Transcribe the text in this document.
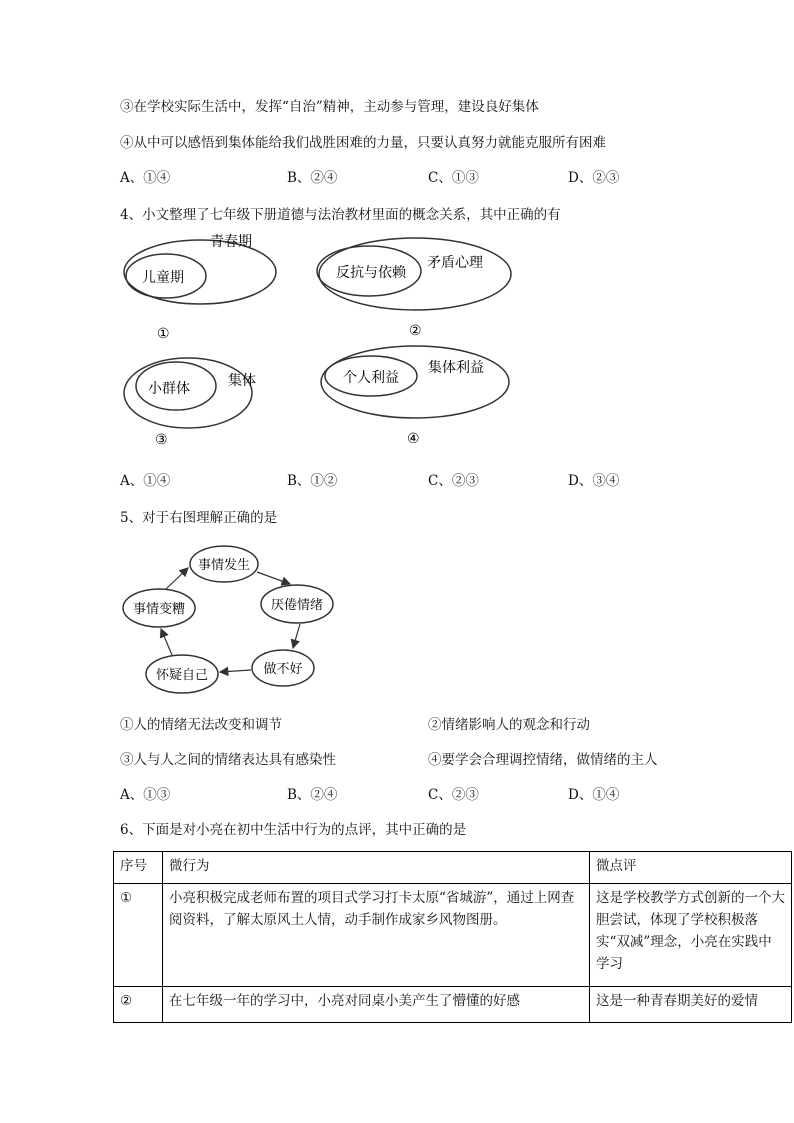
③在学校实际生活中，发挥“自治”精神，主动参与管理，建设良好集体
④从中可以感悟到集体能给我们战胜困难的力量，只要认真努力就能克服所有困难
A、①④	B、②④	C、①③	D、②③
4、小文整理了七年级下册道德与法治教材里面的概念关系，其中正确的有
儿童期
青春期
①
反抗与依赖
矛盾心理
②
小群体	集体
③
个人利益
集体利益
④
A、①④	B、①②	C、②③	D、③④
5、对于右图理解正确的是
事情发生
厌倦情绪
做不好
怀疑自己
事情变糟
①人的情绪无法改变和调节	②情绪影响人的观念和行动
③人与人之间的情绪表达具有感染性	④要学会合理调控情绪，做情绪的主人
A、①③	B、②④	C、②③	D、①④
6、下面是对小亮在初中生活中行为的点评，其中正确的是
序号	微行为	微点评
①	小亮积极完成老师布置的项目式学习打卡太原“省城游”，通过上网查阅资料，了解太原风土人情，动手制作成家乡风物图册。	这是学校教学方式创新的一个大胆尝试，体现了学校积极落实“双减”理念，小亮在实践中学习
②	在七年级一年的学习中，小亮对同桌小美产生了懵懂的好感	这是一种青春期美好的爱情
